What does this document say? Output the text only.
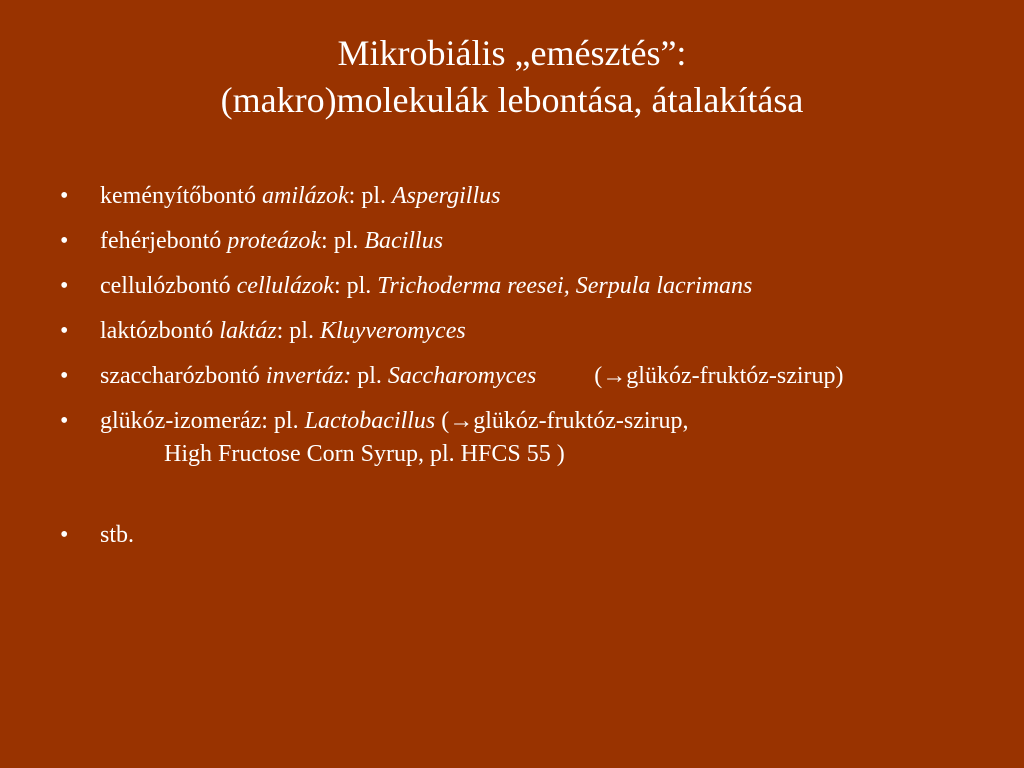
Mikrobiális „emésztés”:
(makro)molekulák lebontása, átalakítása
•	keményítőbontó amilázok: pl. Aspergillus
•	fehérjebontó proteázok: pl. Bacillus
•	cellulózbontó cellulázok: pl. Trichoderma reesei, Serpula lacrimans
•	laktózbontó laktáz: pl. Kluyveromyces
•	szaccharózbontó invertáz: pl. Saccharomyces (→glükóz-fruktóz-szirup)
•	glükóz-izomeráz: pl. Lactobacillus (→glükóz-fruktóz-szirup,
High Fructose Corn Syrup, pl. HFCS 55 )
•	stb.
